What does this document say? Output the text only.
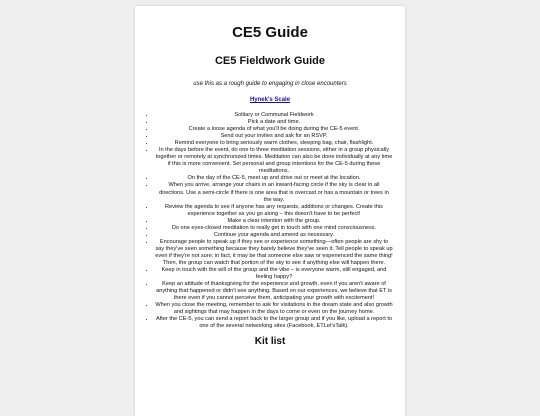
CE5 Guide
CE5 Fieldwork Guide
use this as a rough guide to engaging in close encounters
Hynek's Scale
• Solitary or Communal Fieldwork
• Pick a date and time.
• Create a loose agenda of what you'll be doing during the CE-5 event.
• Send out your invites and ask for an RSVP.
• Remind everyone to bring seriously warm clothes, sleeping bag, chair, flashlight.
• In the days before the event, do one to three meditation sessions, either in a group physically together or remotely at synchronized times. Meditation can also be done individually at any time if this is more convenient. Set personal and group intentions for the CE-5 during these meditations.
• On the day of the CE-5, meet up and drive out or meet at the location.
• When you arrive, arrange your chairs in an inward-facing circle if the sky is clear in all directions. Use a semi-circle if there is one area that is overcast or has a mountain or trees in the way.
• Review the agenda to see if anyone has any requests, additions or changes. Create this experience together as you go along – this doesn't have to be perfect!
• Make a clear intention with the group.
• Do one eyes-closed meditation to really get in touch with one mind consciousness.
• Continue your agenda and amend as necessary.
• Encourage people to speak up if they see or experience something—often people are shy to say they've seen something because they barely believe they've seen it. Tell people to speak up even if they're not sure; in fact, it may be that someone else saw or experienced the same thing! Then, the group can watch that portion of the sky to see if anything else will happen there.
• Keep in touch with the will of the group and the vibe – is everyone warm, still engaged, and feeling happy?
• Keep an attitude of thanksgiving for the experience and growth, even if you aren't aware of anything that happened or didn't see anything. Based on our experiences, we believe that ET is there even if you cannot perceive them, anticipating your growth with excitement!
• When you close the meeting, remember to ask for visitations in the dream state and also growth and sightings that may happen in the days to come or even on the journey home.
• After the CE-5, you can send a report back to the larger group and if you like, upload a report to one of the several networking sites (Facebook, ETLet'sTalk).
Kit list
